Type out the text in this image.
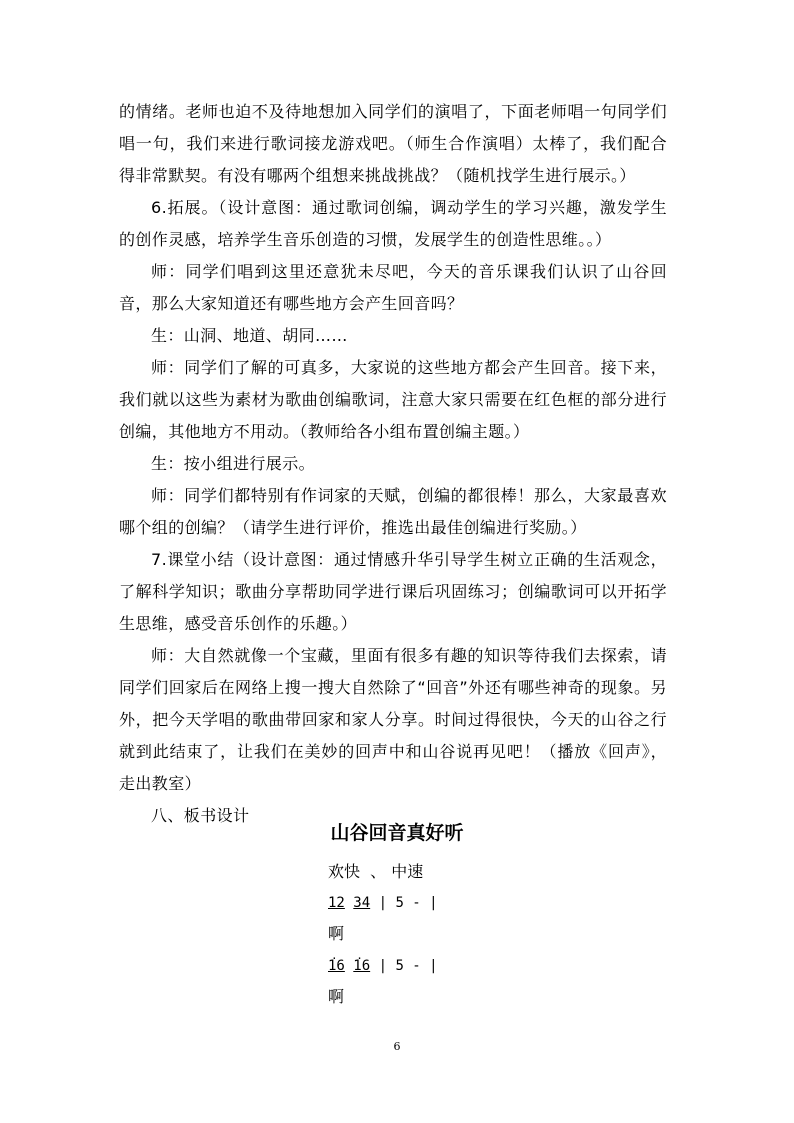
的情绪。老师也迫不及待地想加入同学们的演唱了，下面老师唱一句同学们唱一句，我们来进行歌词接龙游戏吧。（师生合作演唱）太棒了，我们配合得非常默契。有没有哪两个组想来挑战挑战？（随机找学生进行展示。）

6.拓展。（设计意图：通过歌词创编，调动学生的学习兴趣，激发学生的创作灵感，培养学生音乐创造的习惯，发展学生的创造性思维。。）

师：同学们唱到这里还意犹未尽吧，今天的音乐课我们认识了山谷回音，那么大家知道还有哪些地方会产生回音吗？

生：山洞、地道、胡同……

师：同学们了解的可真多，大家说的这些地方都会产生回音。接下来，我们就以这些为素材为歌曲创编歌词，注意大家只需要在红色框的部分进行创编，其他地方不用动。（教师给各小组布置创编主题。）

生：按小组进行展示。

师：同学们都特别有作词家的天赋，创编的都很棒！那么，大家最喜欢哪个组的创编？（请学生进行评价，推选出最佳创编进行奖励。）

7.课堂小结（设计意图：通过情感升华引导学生树立正确的生活观念，了解科学知识；歌曲分享帮助同学进行课后巩固练习；创编歌词可以开拓学生思维，感受音乐创作的乐趣。）

师：大自然就像一个宝藏，里面有很多有趣的知识等待我们去探索，请同学们回家后在网络上搜一搜大自然除了“回音”外还有哪些神奇的现象。另外，把今天学唱的歌曲带回家和家人分享。时间过得很快，今天的山谷之行就到此结束了，让我们在美妙的回声中和山谷说再见吧！（播放《回声》，走出教室）

八、板书设计

山谷回音真好听
欢快  、 中速
12 34 | 5 - |
啊
16 · 16 · | 5 - |
啊
6
